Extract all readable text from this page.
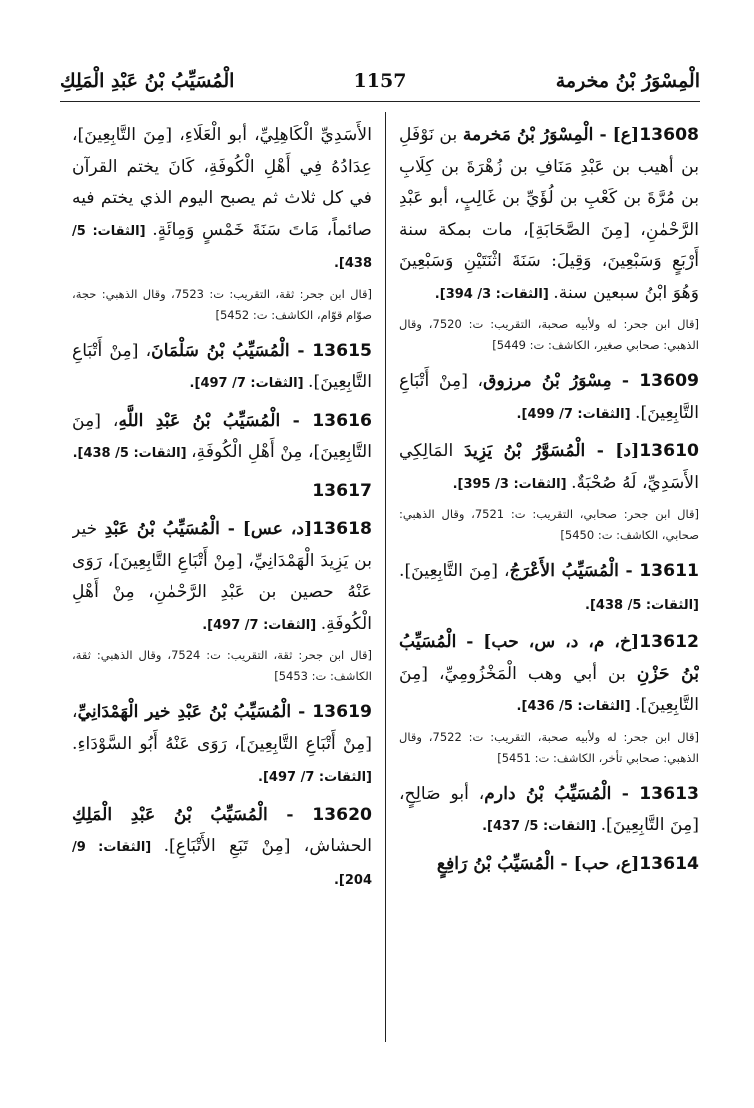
الْمِسْوَرُ بْنُ مخرمة
1157
الْمُسَيِّبُ بْنُ عَبْدِ الْمَلِكِ
13608[ع] - الْمِسْوَرُ بْنُ مَخرمة بن نَوْفَلِ بن أهيب بن عَبْدِ مَنَافِ بن زُهْرَةَ بن كِلَابِ بن مُرَّةَ بن كَعْبِ بن لُؤَيِّ بن غَالِبٍ، أبو عَبْدِ الرَّحْمٰنِ، [مِنَ الصَّحَابَةِ]، مات بمكة سنة أَرْبَعٍ وَسَبْعِينَ، وَقِيلَ: سَنَةَ اثْنَتَيْنِ وَسَبْعِينَ وَهُوَ ابْنُ سبعين سنة. [الثقات: 3/ 394].
[قال ابن جحر: له ولأبيه صحبة، التقريب: ت: 7520، وقال الذهبي: صحابي صغير، الكاشف: ت: 5449]
13609 - مِسْوَرُ بْنُ مرزوق، [مِنْ أَتْبَاعِ التَّابِعِينَ]. [الثقات: 7/ 499].
13610[د] - الْمُسَوَّرُ بْنُ يَزِيدَ المَالِكِي الأَسَدِيِّ، لَهُ صُحْبَةٌ. [الثقات: 3/ 395].
[قال ابن جحر: صحابي، التقريب: ت: 7521، وقال الذهبي: صحابي، الكاشف: ت: 5450]
13611 - الْمُسَيِّبُ الأَعْرَجُ، [مِنَ التَّابِعِينَ]. [الثقات: 5/ 438].
13612[خ، م، د، س، حب] - الْمُسَيِّبُ بْنُ حَزْنِ بن أبي وهب الْمَخْزُومِيِّ، [مِنَ التَّابِعِينَ]. [الثقات: 5/ 436].
[قال ابن جحر: له ولأبيه صحبة، التقريب: ت: 7522، وقال الذهبي: صحابي تأخر، الكاشف: ت: 5451]
13613 - الْمُسَيِّبُ بْنُ دارم، أبو صَالِحٍ، [مِنَ التَّابِعِينَ]. [الثقات: 5/ 437].
13614[ع، حب] - الْمُسَيِّبُ بْنُ رَافِعٍ
الأَسَدِيِّ الْكَاهِلِيِّ، أبو الْعَلَاءِ، [مِنَ التَّابِعِينَ]، عِدَادُهُ فِي أَهْلِ الْكُوفَةِ، كَانَ يختم القرآن في كل ثلاث ثم يصبح اليوم الذي يختم فيه صائماً، مَاتَ سَنَةَ خَمْسٍ وَمِائَةٍ. [الثقات: 5/ 438].
[قال ابن جحر: ثقة، التقريب: ت: 7523، وقال الذهبي: حجة، صوّام قوّام، الكاشف: ت: 5452]
13615 - الْمُسَيِّبُ بْنُ سَلْمَانَ، [مِنْ أَتْبَاعِ التَّابِعِينَ]. [الثقات: 7/ 497].
13616 - الْمُسَيِّبُ بْنُ عَبْدِ اللَّهِ، [مِنَ التَّابِعِينَ]، مِنْ أَهْلِ الْكُوفَةِ، [الثقات: 5/ 438].
13617
13618[د، عس] - الْمُسَيِّبُ بْنُ عَبْدِ خير بن يَزِيدَ الْهَمْدَانِيِّ، [مِنْ أَتْبَاعِ التَّابِعِينَ]، رَوَى عَنْهُ حصين بن عَبْدِ الرَّحْمٰنِ، مِنْ أَهْلِ الْكُوفَةِ. [الثقات: 7/ 497].
[قال ابن جحر: ثقة، التقريب: ت: 7524، وقال الذهبي: ثقة، الكاشف: ت: 5453]
13619 - الْمُسَيِّبُ بْنُ عَبْدِ خير الْهَمْدَانِيِّ، [مِنْ أَتْبَاعِ التَّابِعِينَ]، رَوَى عَنْهُ أَبُو السَّوْدَاءِ. [الثقات: 7/ 497].
13620 - الْمُسَيِّبُ بْنُ عَبْدِ الْمَلِكِ الحشاش، [مِنْ تَبَعِ الأَتْبَاعِ]. [الثقات: 9/ 204].
